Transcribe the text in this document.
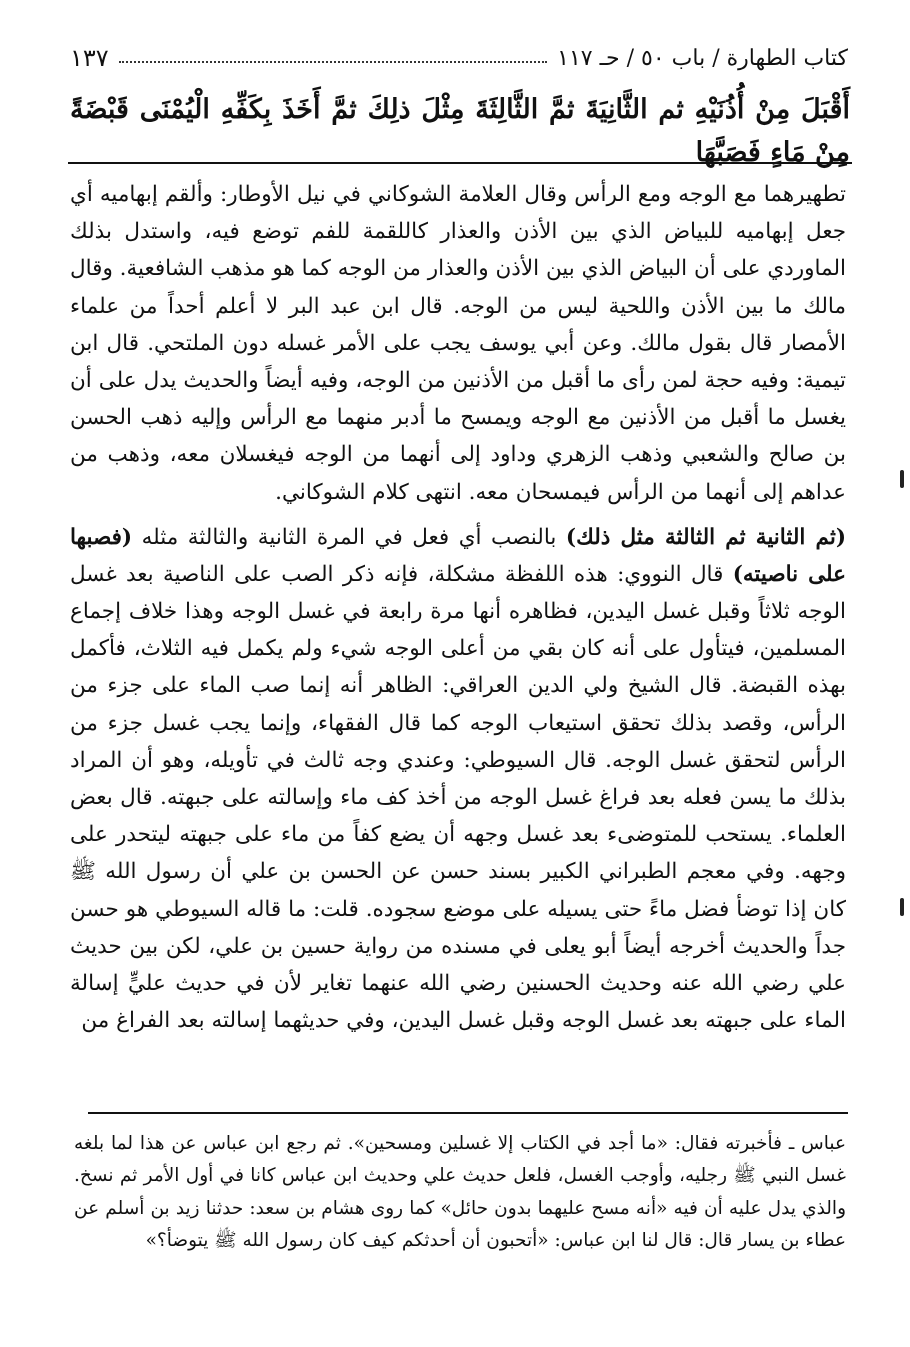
كتاب الطهارة / باب ٥٠ / حـ ١١٧
١٣٧
أَقْبَلَ مِنْ أُذُنَيْهِ ثم الثَّانِيَةَ ثمَّ الثَّالِثَةَ مِثْلَ ذلِكَ ثمَّ أَخَذَ بِكَفِّهِ الْيُمْنَى قَبْضَةً مِنْ مَاءٍ فَصَبَّهَا

تطهيرهما مع الوجه ومع الرأس وقال العلامة الشوكاني في نيل الأوطار: وألقم إبهاميه أي جعل إبهاميه للبياض الذي بين الأذن والعذار كاللقمة للفم توضع فيه، واستدل بذلك الماوردي على أن البياض الذي بين الأذن والعذار من الوجه كما هو مذهب الشافعية. وقال مالك ما بين الأذن واللحية ليس من الوجه. قال ابن عبد البر لا أعلم أحداً من علماء الأمصار قال بقول مالك. وعن أبي يوسف يجب على الأمر غسله دون الملتحي. قال ابن تيمية: وفيه حجة لمن رأى ما أقبل من الأذنين من الوجه، وفيه أيضاً والحديث يدل على أن يغسل ما أقبل من الأذنين مع الوجه ويمسح ما أدبر منهما مع الرأس وإليه ذهب الحسن بن صالح والشعبي وذهب الزهري وداود إلى أنهما من الوجه فيغسلان معه، وذهب من عداهم إلى أنهما من الرأس فيمسحان معه. انتهى كلام الشوكاني.

(ثم الثانية ثم الثالثة مثل ذلك) بالنصب أي فعل في المرة الثانية والثالثة مثله (فصبها على ناصيته) قال النووي: هذه اللفظة مشكلة، فإنه ذكر الصب على الناصية بعد غسل الوجه ثلاثاً وقبل غسل اليدين، فظاهره أنها مرة رابعة في غسل الوجه وهذا خلاف إجماع المسلمين، فيتأول على أنه كان بقي من أعلى الوجه شيء ولم يكمل فيه الثلاث، فأكمل بهذه القبضة. قال الشيخ ولي الدين العراقي: الظاهر أنه إنما صب الماء على جزء من الرأس، وقصد بذلك تحقق استيعاب الوجه كما قال الفقهاء، وإنما يجب غسل جزء من الرأس لتحقق غسل الوجه. قال السيوطي: وعندي وجه ثالث في تأويله، وهو أن المراد بذلك ما يسن فعله بعد فراغ غسل الوجه من أخذ كف ماء وإسالته على جبهته. قال بعض العلماء. يستحب للمتوضىء بعد غسل وجهه أن يضع كفاً من ماء على جبهته ليتحدر على وجهه. وفي معجم الطبراني الكبير بسند حسن عن الحسن بن علي أن رسول الله ﷺ كان إذا توضأ فضل ماءً حتى يسيله على موضع سجوده. قلت: ما قاله السيوطي هو حسن جداً والحديث أخرجه أيضاً أبو يعلى في مسنده من رواية حسين بن علي، لكن بين حديث علي رضي الله عنه وحديث الحسنين رضي الله عنهما تغاير لأن في حديث عليٍّ إسالة الماء على جبهته بعد غسل الوجه وقبل غسل اليدين، وفي حديثهما إسالته بعد الفراغ من

عباس ـ فأخبرته فقال: «ما أجد في الكتاب إلا غسلين ومسحين». ثم رجع ابن عباس عن هذا لما بلغه غسل النبي ﷺ رجليه، وأوجب الغسل، فلعل حديث علي وحديث ابن عباس كانا في أول الأمر ثم نسخ. والذي يدل عليه أن فيه «أنه مسح عليهما بدون حائل» كما روى هشام بن سعد: حدثنا زيد بن أسلم عن عطاء بن يسار قال: قال لنا ابن عباس: «أتحبون أن أحدثكم كيف كان رسول الله ﷺ يتوضأ؟»
